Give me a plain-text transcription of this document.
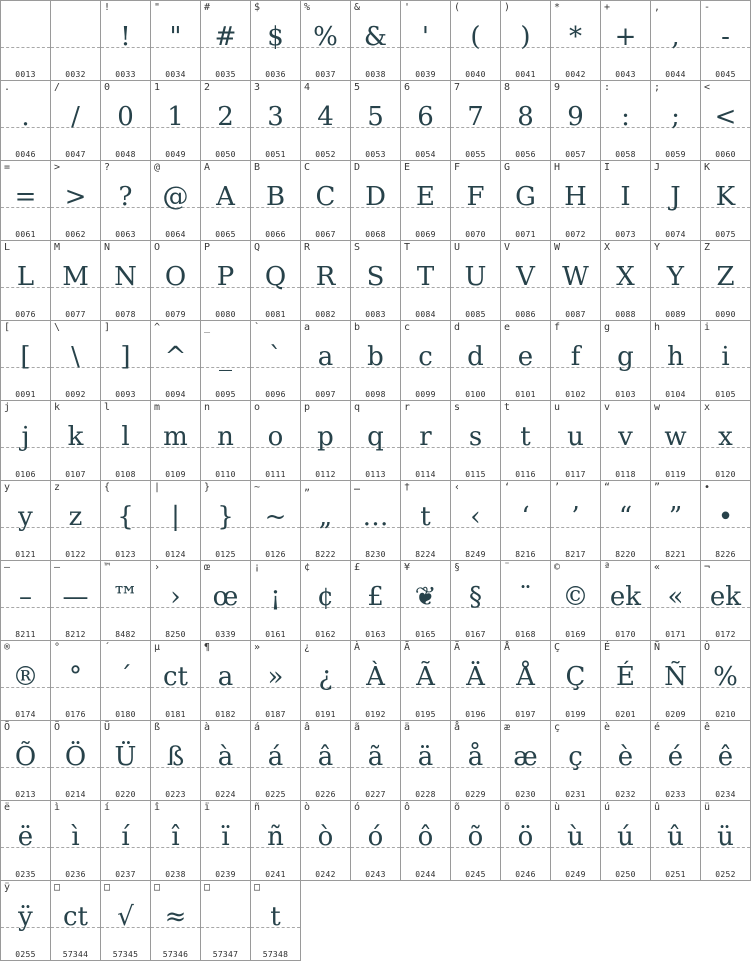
0013	0032
!
!
0033
"
"
0034
#
#
0035
$
$
0036
%
%
0037
&
&
0038
'
'
0039
(
(
0040
)
)
0041
*
*
0042
+
+
0043
,
,
0044
-
-
0045
.
.
0046
/
/
0047
0
0
0048
1
1
0049
2
2
0050
3
3
0051
4
4
0052
5
5
0053
6
6
0054
7
7
0055
8
8
0056
9
9
0057
:
:
0058
;
;
0059
<
<
0060
=
=
0061
>
>
0062
?
?
0063
@
@
0064
A
A
0065
B
B
0066
C
C
0067
D
D
0068
E
E
0069
F
F
0070
G
G
0071
H
H
0072
I
I
0073
J
J
0074
K
K
0075
L
L
0076
M
M
0077
N
N
0078
O
O
0079
P
P
0080
Q
Q
0081
R
R
0082
S
S
0083
T
T
0084
U
U
0085
V
V
0086
W
W
0087
X
X
0088
Y
Y
0089
Z
Z
0090
[
[
0091
\
\
0092
]
]
0093
^
^
0094
_
_
0095
`
`
0096
a
a
0097
b
b
0098
c
c
0099
d
d
0100
e
e
0101
f
f
0102
g
g
0103
h
h
0104
i
i
0105
j
j
0106
k
k
0107
l
l
0108
m
m
0109
n
n
0110
o
o
0111
p
p
0112
q
q
0113
r
r
0114
s
s
0115
t
t
0116
u
u
0117
v
v
0118
w
w
0119
x
x
0120
y
y
0121
z
z
0122
{
{
0123
|
|
0124
}
}
0125
~
~
0126
„
„
8222
…
…
8230
†
t
8224
‹
‹
8249
‘
‘
8216
’
’
8217
“
“
8220
”
”
8221
•
•
8226
–
–
8211
—
—
8212
™
™
8482
›
›
8250
œ
œ
0339
¡
¡
0161
¢
¢
0162
£
£
0163
¥
❦
0165
§
§
0167
¨
¨
0168
©
©
0169
ª
ek
0170
«
«
0171
¬
ek
0172
®
®
0174
°
°
0176
´
´
0180
µ
ct
0181
¶
a
0182
»
»
0187
¿
¿
0191
À
À
0192
Ã
Ã
0195
Ä
Ä
0196
Å
Å
0197
Ç
Ç
0199
É
É
0201
Ñ
Ñ
0209
Ò
%
0210
Õ
Õ
0213
Ö
Ö
0214
Ü
Ü
0220
ß
ß
0223
à
à
0224
á
á
0225
â
â
0226
ã
ã
0227
ä
ä
0228
å
å
0229
æ
æ
0230
ç
ç
0231
è
è
0232
é
é
0233
ê
ê
0234
ë
ë
0235
ì
ì
0236
í
í
0237
î
î
0238
ï
ï
0239
ñ
ñ
0241
ò
ò
0242
ó
ó
0243
ô
ô
0244
õ
õ
0245
ö
ö
0246
ù
ù
0249
ú
ú
0250
û
û
0251
ü
ü
0252
ÿ
ÿ
0255
□
ct
57344
□
√
57345
□
≈
57346
□
57347
□
t
57348
